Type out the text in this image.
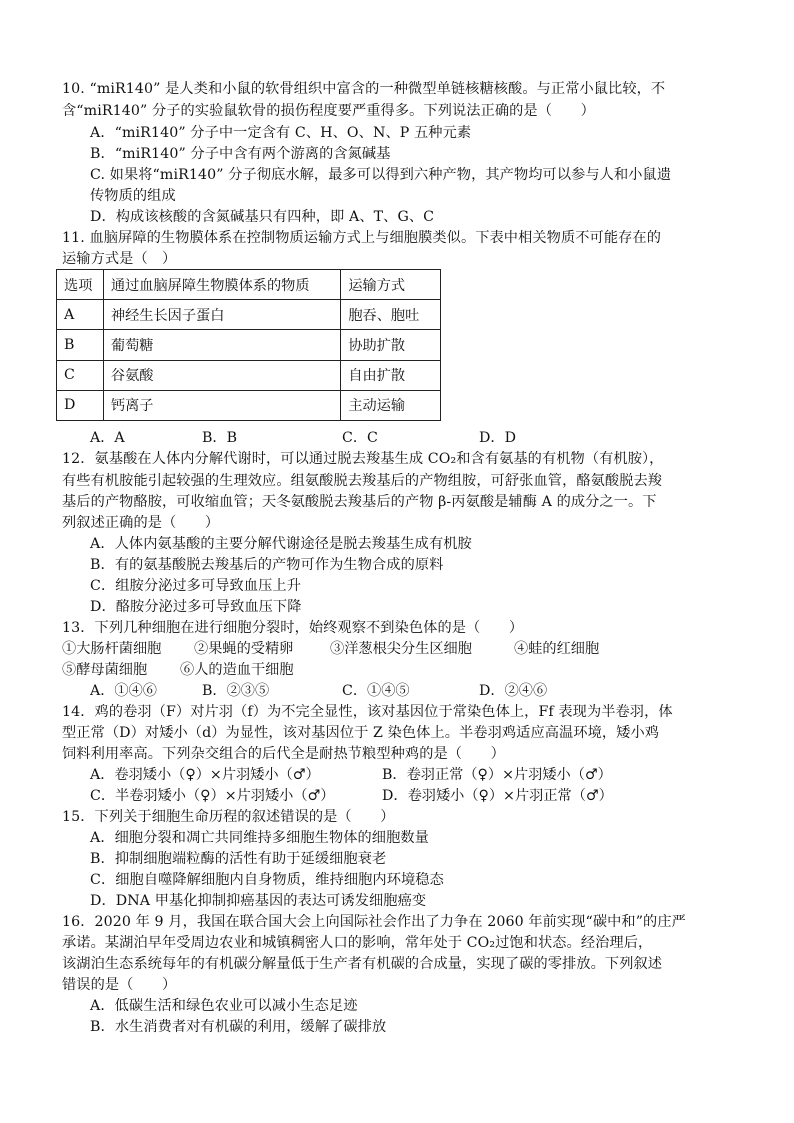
10. “miR140” 是人类和小鼠的软骨组织中富含的一种微型单链核糖核酸。与正常小鼠比较，不
含“miR140” 分子的实验鼠软骨的损伤程度要严重得多。下列说法正确的是（　　）
A．“miR140” 分子中一定含有 C、H、O、N、P 五种元素
B．“miR140” 分子中含有两个游离的含氮碱基
C. 如果将“miR140” 分子彻底水解，最多可以得到六种产物，其产物均可以参与人和小鼠遗
传物质的组成
D．构成该核酸的含氮碱基只有四种，即 A、T、G、C
11. 血脑屏障的生物膜体系在控制物质运输方式上与细胞膜类似。下表中相关物质不可能存在的
运输方式是（　）
选项	通过血脑屏障生物膜体系的物质	运输方式
A	神经生长因子蛋白	胞吞、胞吐
B	葡萄糖	协助扩散
C	谷氨酸	自由扩散
D	钙离子	主动运输
A．A	B．B	C．C	D．D
12．氨基酸在人体内分解代谢时，可以通过脱去羧基生成 CO₂和含有氨基的有机物（有机胺），
有些有机胺能引起较强的生理效应。组氨酸脱去羧基后的产物组胺，可舒张血管，酪氨酸脱去羧
基后的产物酪胺，可收缩血管；天冬氨酸脱去羧基后的产物 β-丙氨酸是辅酶 A 的成分之一。下
列叙述正确的是（　　）
A．人体内氨基酸的主要分解代谢途径是脱去羧基生成有机胺
B．有的氨基酸脱去羧基后的产物可作为生物合成的原料
C．组胺分泌过多可导致血压上升
D．酪胺分泌过多可导致血压下降
13．下列几种细胞在进行细胞分裂时，始终观察不到染色体的是（　　）
①大肠杆菌细胞 ②果蝇的受精卵	③洋葱根尖分生区细胞	④蛙的红细胞
⑤酵母菌细胞 ⑥人的造血干细胞
A．①④⑥	B．②③⑤	C．①④⑤	D．②④⑥
14．鸡的卷羽（F）对片羽（f）为不完全显性，该对基因位于常染色体上，Ff 表现为半卷羽，体
型正常（D）对矮小（d）为显性，该对基因位于 Z 染色体上。半卷羽鸡适应高温环境，矮小鸡
饲料利用率高。下列杂交组合的后代全是耐热节粮型种鸡的是（　　）
A．卷羽矮小（♀）×片羽矮小（♂）	B．卷羽正常（♀）×片羽矮小（♂）
C．半卷羽矮小（♀）×片羽矮小（♂）	D．卷羽矮小（♀）×片羽正常（♂）
15．下列关于细胞生命历程的叙述错误的是（　　）
A．细胞分裂和凋亡共同维持多细胞生物体的细胞数量
B．抑制细胞端粒酶的活性有助于延缓细胞衰老
C．细胞自噬降解细胞内自身物质，维持细胞内环境稳态
D．DNA 甲基化抑制抑癌基因的表达可诱发细胞癌变
16．2020 年 9 月，我国在联合国大会上向国际社会作出了力争在 2060 年前实现“碳中和”的庄严
承诺。某湖泊早年受周边农业和城镇稠密人口的影响，常年处于 CO₂过饱和状态。经治理后，
该湖泊生态系统每年的有机碳分解量低于生产者有机碳的合成量，实现了碳的零排放。下列叙述
错误的是（　　）
A．低碳生活和绿色农业可以减小生态足迹
B．水生消费者对有机碳的利用，缓解了碳排放
